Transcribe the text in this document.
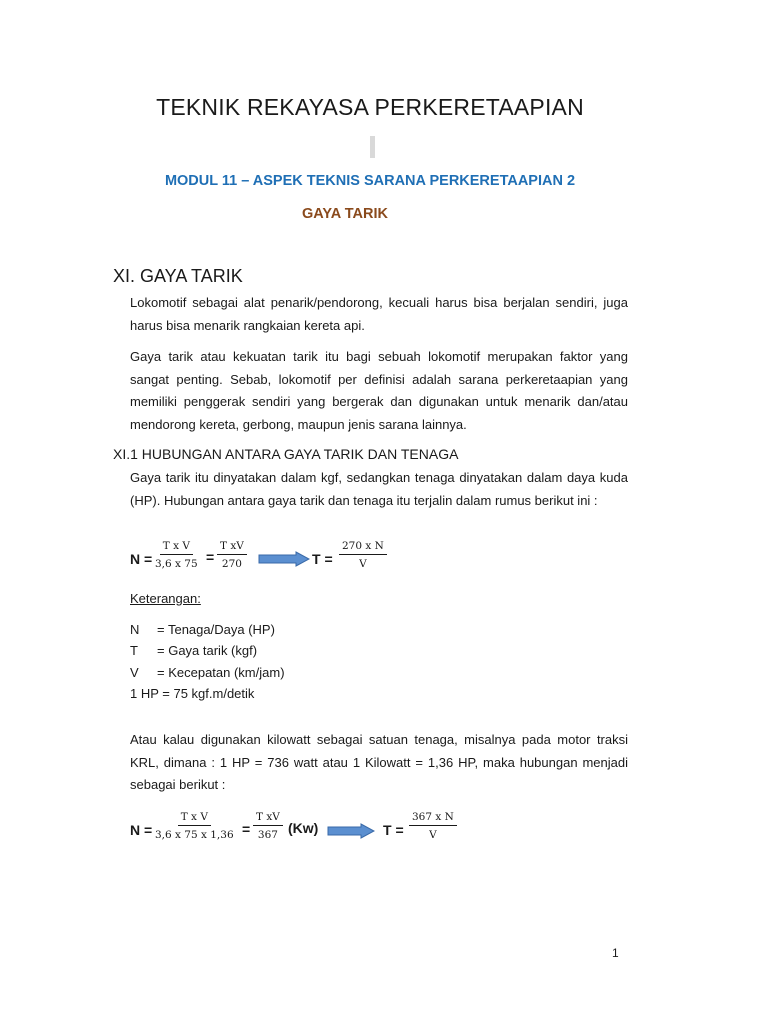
TEKNIK REKAYASA PERKERETAAPIAN
MODUL 11 – ASPEK TEKNIS SARANA PERKERETAAPIAN 2
GAYA TARIK
XI. GAYA TARIK

Lokomotif sebagai alat penarik/pendorong, kecuali harus bisa berjalan sendiri, juga harus bisa menarik rangkaian kereta api.

Gaya tarik atau kekuatan tarik itu bagi sebuah lokomotif merupakan faktor yang sangat penting. Sebab, lokomotif per definisi adalah sarana perkeretaapian yang memiliki penggerak sendiri yang bergerak dan digunakan untuk menarik dan/atau mendorong kereta, gerbong, maupun jenis sarana lainnya.

XI.1 HUBUNGAN ANTARA GAYA TARIK DAN TENAGA

Gaya tarik itu dinyatakan dalam kgf, sedangkan tenaga dinyatakan dalam daya kuda (HP). Hubungan antara gaya tarik dan tenaga itu terjalin dalam rumus berikut ini :

$N = \frac{\text{T x V}}{3,6 x 75} = \frac{\text{T xV}}{270}$	$T = \frac{\text{270 x N}}{V}$
Keterangan:
N = Tenaga/Daya (HP)
T = Gaya tarik (kgf)
V = Kecepatan (km/jam)
1 HP = 75 kgf.m/detik

Atau kalau digunakan kilowatt sebagai satuan tenaga, misalnya pada motor traksi KRL, dimana : 1 HP = 736 watt atau 1 Kilowatt = 1,36 HP, maka hubungan menjadi sebagai berikut :

$N = \frac{\text{T x V}}{3,6 x 75 x 1,36} = \frac{\text{T xV}}{367} (Kw)$	$T = \frac{\text{367 x N}}{V}$
1
